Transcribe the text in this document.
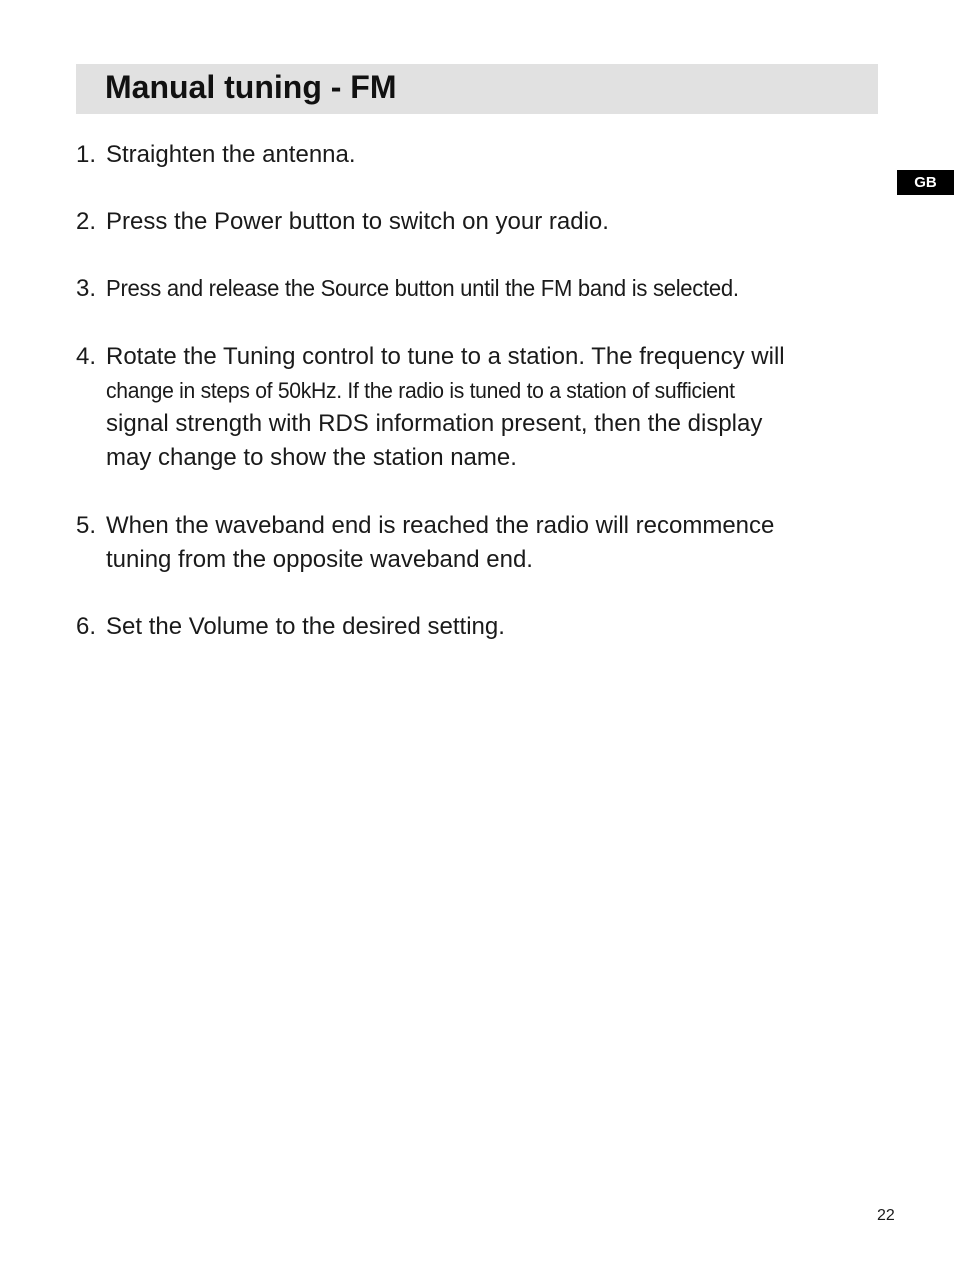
Manual tuning - FM
GB
1. Straighten the antenna.
2. Press the Power button to switch on your radio.
3. Press and release the Source button until the FM band is selected.
4. Rotate the Tuning control to tune to a station. The frequency will
change in steps of 50kHz. If the radio is tuned to a station of sufficient
signal strength with RDS information present, then the display
may change to show the station name.
5. When the waveband end is reached the radio will recommence
tuning from the opposite waveband end.
6. Set the Volume to the desired setting.
22
